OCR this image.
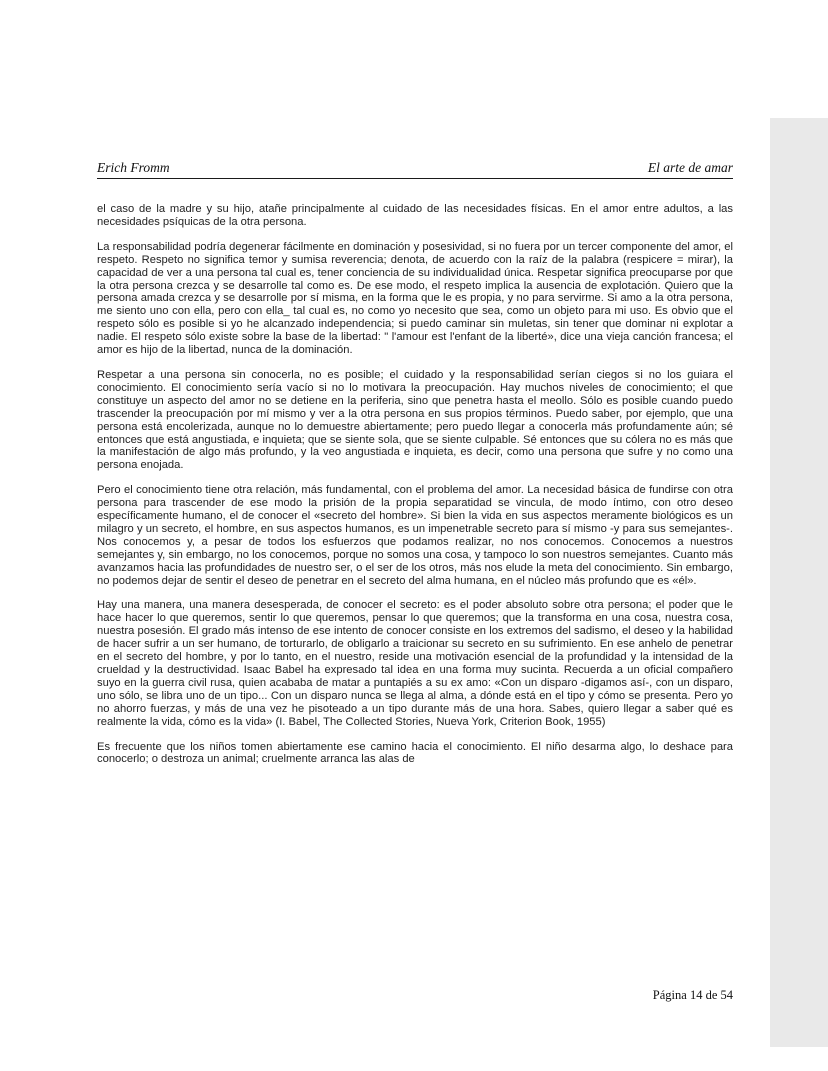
Erich Fromm	El arte de amar

el caso de la madre y su hijo, atañe principalmente al cuidado de las necesidades físicas. En el amor entre adultos, a las necesidades psíquicas de la otra persona.

La responsabilidad podría degenerar fácilmente en dominación y posesividad, si no fuera por un tercer componente del amor, el respeto. Respeto no significa temor y sumisa reverencia; denota, de acuerdo con la raíz de la palabra (respicere = mirar), la capacidad de ver a una persona tal cual es, tener conciencia de su individualidad única. Respetar significa preocuparse por que la otra persona crezca y se desarrolle tal como es. De ese modo, el respeto implica la ausencia de explotación. Quiero que la persona amada crezca y se desarrolle por sí misma, en la forma que le es propia, y no para servirme. Si amo a la otra persona, me siento uno con ella, pero con ella_ tal cual es, no como yo necesito que sea, como un objeto para mi uso. Es obvio que el respeto sólo es posible si yo he alcanzado independencia; si puedo caminar sin muletas, sin tener que dominar ni explotar a nadie. El respeto sólo existe sobre la base de la libertad: " l'amour est l'enfant de la liberté», dice una vieja canción francesa; el amor es hijo de la libertad, nunca de la dominación.

Respetar a una persona sin conocerla, no es posible; el cuidado y la responsabilidad serían ciegos si no los guiara el conocimiento. El conocimiento sería vacío si no lo motivara la preocupación. Hay muchos niveles de conocimiento; el que constituye un aspecto del amor no se detiene en la periferia, sino que penetra hasta el meollo. Sólo es posible cuando puedo trascender la preocupación por mí mismo y ver a la otra persona en sus propios términos. Puedo saber, por ejemplo, que una persona está encolerizada, aunque no lo demuestre abiertamente; pero puedo llegar a conocerla más profundamente aún; sé entonces que está angustiada, e inquieta; que se siente sola, que se siente culpable. Sé entonces que su cólera no es más que la manifestación de algo más profundo, y la veo angustiada e inquieta, es decir, como una persona que sufre y no como una persona enojada.

Pero el conocimiento tiene otra relación, más fundamental, con el problema del amor. La necesidad básica de fundirse con otra persona para trascender de ese modo la prisión de la propia separatidad se vincula, de modo íntimo, con otro deseo específicamente humano, el de conocer el «secreto del hombre». Si bien la vida en sus aspectos meramente biológicos es un milagro y un secreto, el hombre, en sus aspectos humanos, es un impenetrable secreto para sí mismo -y para sus semejantes-. Nos conocemos y, a pesar de todos los esfuerzos que podamos realizar, no nos conocemos. Conocemos a nuestros semejantes y, sin embargo, no los conocemos, porque no somos una cosa, y tampoco lo son nuestros semejantes. Cuanto más avanzamos hacia las profundidades de nuestro ser, o el ser de los otros, más nos elude la meta del conocimiento. Sin embargo, no podemos dejar de sentir el deseo de penetrar en el secreto del alma humana, en el núcleo más profundo que es «él».

Hay una manera, una manera desesperada, de conocer el secreto: es el poder absoluto sobre otra persona; el poder que le hace hacer lo que queremos, sentir lo que queremos, pensar lo que queremos; que la transforma en una cosa, nuestra cosa, nuestra posesión. El grado más intenso de ese intento de conocer consiste en los extremos del sadismo, el deseo y la habilidad de hacer sufrir a un ser humano, de torturarlo, de obligarlo a traicionar su secreto en su sufrimiento. En ese anhelo de penetrar en el secreto del hombre, y por lo tanto, en el nuestro, reside una motivación esencial de la profundidad y la intensidad de la crueldad y la destructividad. Isaac Babel ha expresado tal idea en una forma muy sucinta. Recuerda a un oficial compañero suyo en la guerra civil rusa, quien acababa de matar a puntapiés a su ex amo: «Con un disparo -digamos así-, con un disparo, uno sólo, se libra uno de un tipo... Con un disparo nunca se llega al alma, a dónde está en el tipo y cómo se presenta. Pero yo no ahorro fuerzas, y más de una vez he pisoteado a un tipo durante más de una hora. Sabes, quiero llegar a saber qué es realmente la vida, cómo es la vida» (I. Babel, The Collected Stories, Nueva York, Criterion Book, 1955)

Es frecuente que los niños tomen abiertamente ese camino hacia el conocimiento. El niño desarma algo, lo deshace para conocerlo; o destroza un animal; cruelmente arranca las alas de

Página 14 de 54
